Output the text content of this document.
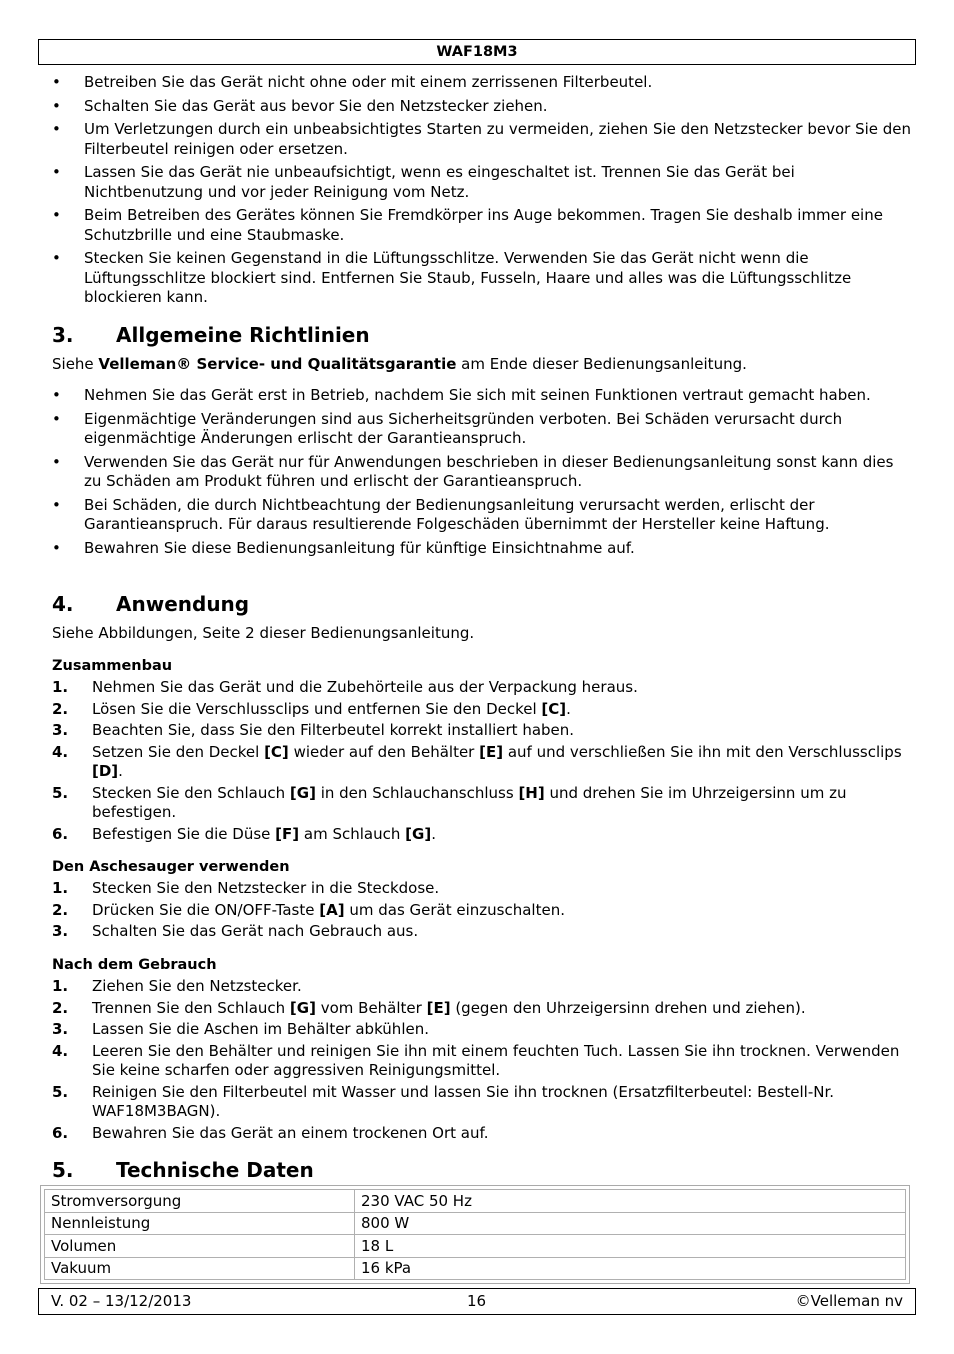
WAF18M3
• Betreiben Sie das Gerät nicht ohne oder mit einem zerrissenen Filterbeutel.
• Schalten Sie das Gerät aus bevor Sie den Netzstecker ziehen.
• Um Verletzungen durch ein unbeabsichtigtes Starten zu vermeiden, ziehen Sie den Netzstecker bevor Sie den Filterbeutel reinigen oder ersetzen.
• Lassen Sie das Gerät nie unbeaufsichtigt, wenn es eingeschaltet ist. Trennen Sie das Gerät bei Nichtbenutzung und vor jeder Reinigung vom Netz.
• Beim Betreiben des Gerätes können Sie Fremdkörper ins Auge bekommen. Tragen Sie deshalb immer eine Schutzbrille und eine Staubmaske.
• Stecken Sie keinen Gegenstand in die Lüftungsschlitze. Verwenden Sie das Gerät nicht wenn die Lüftungsschlitze blockiert sind. Entfernen Sie Staub, Fusseln, Haare und alles was die Lüftungsschlitze blockieren kann.
3. Allgemeine Richtlinien

Siehe Velleman® Service- und Qualitätsgarantie am Ende dieser Bedienungsanleitung.

• Nehmen Sie das Gerät erst in Betrieb, nachdem Sie sich mit seinen Funktionen vertraut gemacht haben.
• Eigenmächtige Veränderungen sind aus Sicherheitsgründen verboten. Bei Schäden verursacht durch eigenmächtige Änderungen erlischt der Garantieanspruch.
• Verwenden Sie das Gerät nur für Anwendungen beschrieben in dieser Bedienungsanleitung sonst kann dies zu Schäden am Produkt führen und erlischt der Garantieanspruch.
• Bei Schäden, die durch Nichtbeachtung der Bedienungsanleitung verursacht werden, erlischt der Garantieanspruch. Für daraus resultierende Folgeschäden übernimmt der Hersteller keine Haftung.
• Bewahren Sie diese Bedienungsanleitung für künftige Einsichtnahme auf.
4. Anwendung

Siehe Abbildungen, Seite 2 dieser Bedienungsanleitung.

Zusammenbau

1. Nehmen Sie das Gerät und die Zubehörteile aus der Verpackung heraus.
2. Lösen Sie die Verschlussclips und entfernen Sie den Deckel [C].
3. Beachten Sie, dass Sie den Filterbeutel korrekt installiert haben.
4. Setzen Sie den Deckel [C] wieder auf den Behälter [E] auf und verschließen Sie ihn mit den Verschlussclips [D].
5. Stecken Sie den Schlauch [G] in den Schlauchanschluss [H] und drehen Sie im Uhrzeigersinn um zu befestigen.
6. Befestigen Sie die Düse [F] am Schlauch [G].

Den Aschesauger verwenden

1. Stecken Sie den Netzstecker in die Steckdose.
2. Drücken Sie die ON/OFF-Taste [A] um das Gerät einzuschalten.
3. Schalten Sie das Gerät nach Gebrauch aus.

Nach dem Gebrauch

1. Ziehen Sie den Netzstecker.
2. Trennen Sie den Schlauch [G] vom Behälter [E] (gegen den Uhrzeigersinn drehen und ziehen).
3. Lassen Sie die Aschen im Behälter abkühlen.
4. Leeren Sie den Behälter und reinigen Sie ihn mit einem feuchten Tuch. Lassen Sie ihn trocknen. Verwenden Sie keine scharfen oder aggressiven Reinigungsmittel.
5. Reinigen Sie den Filterbeutel mit Wasser und lassen Sie ihn trocknen (Ersatzfilterbeutel: Bestell-Nr. WAF18M3BAGN).
6. Bewahren Sie das Gerät an einem trockenen Ort auf.
5. Technische Daten
Stromversorgung	230 VAC 50 Hz
Nennleistung	800 W
Volumen	18 L
Vakuum	16 kPa
V. 02 – 13/12/2013	16	©Velleman nv
